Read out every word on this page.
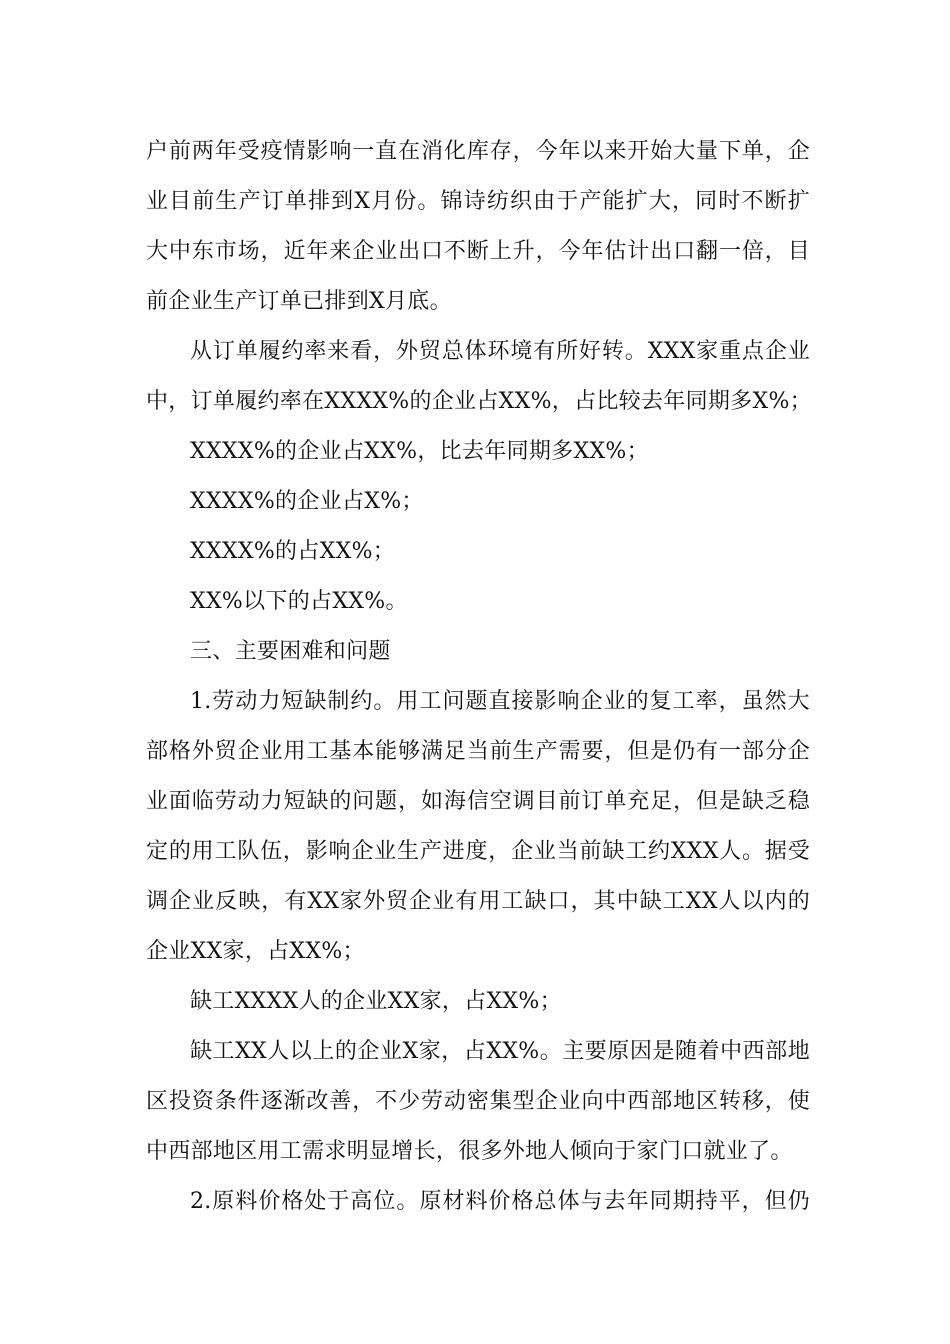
户前两年受疫情影响一直在消化库存，今年以来开始大量下单，企
业目前生产订单排到X月份。锦诗纺织由于产能扩大，同时不断扩
大中东市场，近年来企业出口不断上升，今年估计出口翻一倍，目
前企业生产订单已排到X月底。
从订单履约率来看，外贸总体环境有所好转。XXX家重点企业
中，订单履约率在XXXX%的企业占XX%，占比较去年同期多X%；
XXXX%的企业占XX%，比去年同期多XX%；
XXXX%的企业占X%；
XXXX%的占XX%；
XX%以下的占XX%。
三、主要困难和问题
1.劳动力短缺制约。用工问题直接影响企业的复工率，虽然大
部格外贸企业用工基本能够满足当前生产需要，但是仍有一部分企
业面临劳动力短缺的问题，如海信空调目前订单充足，但是缺乏稳
定的用工队伍，影响企业生产进度，企业当前缺工约XXX人。据受
调企业反映，有XX家外贸企业有用工缺口，其中缺工XX人以内的
企业XX家，占XX%；
缺工XXXX人的企业XX家，占XX%；
缺工XX人以上的企业X家，占XX%。主要原因是随着中西部地
区投资条件逐渐改善，不少劳动密集型企业向中西部地区转移，使
中西部地区用工需求明显增长，很多外地人倾向于家门口就业了。
2.原料价格处于高位。原材料价格总体与去年同期持平，但仍
